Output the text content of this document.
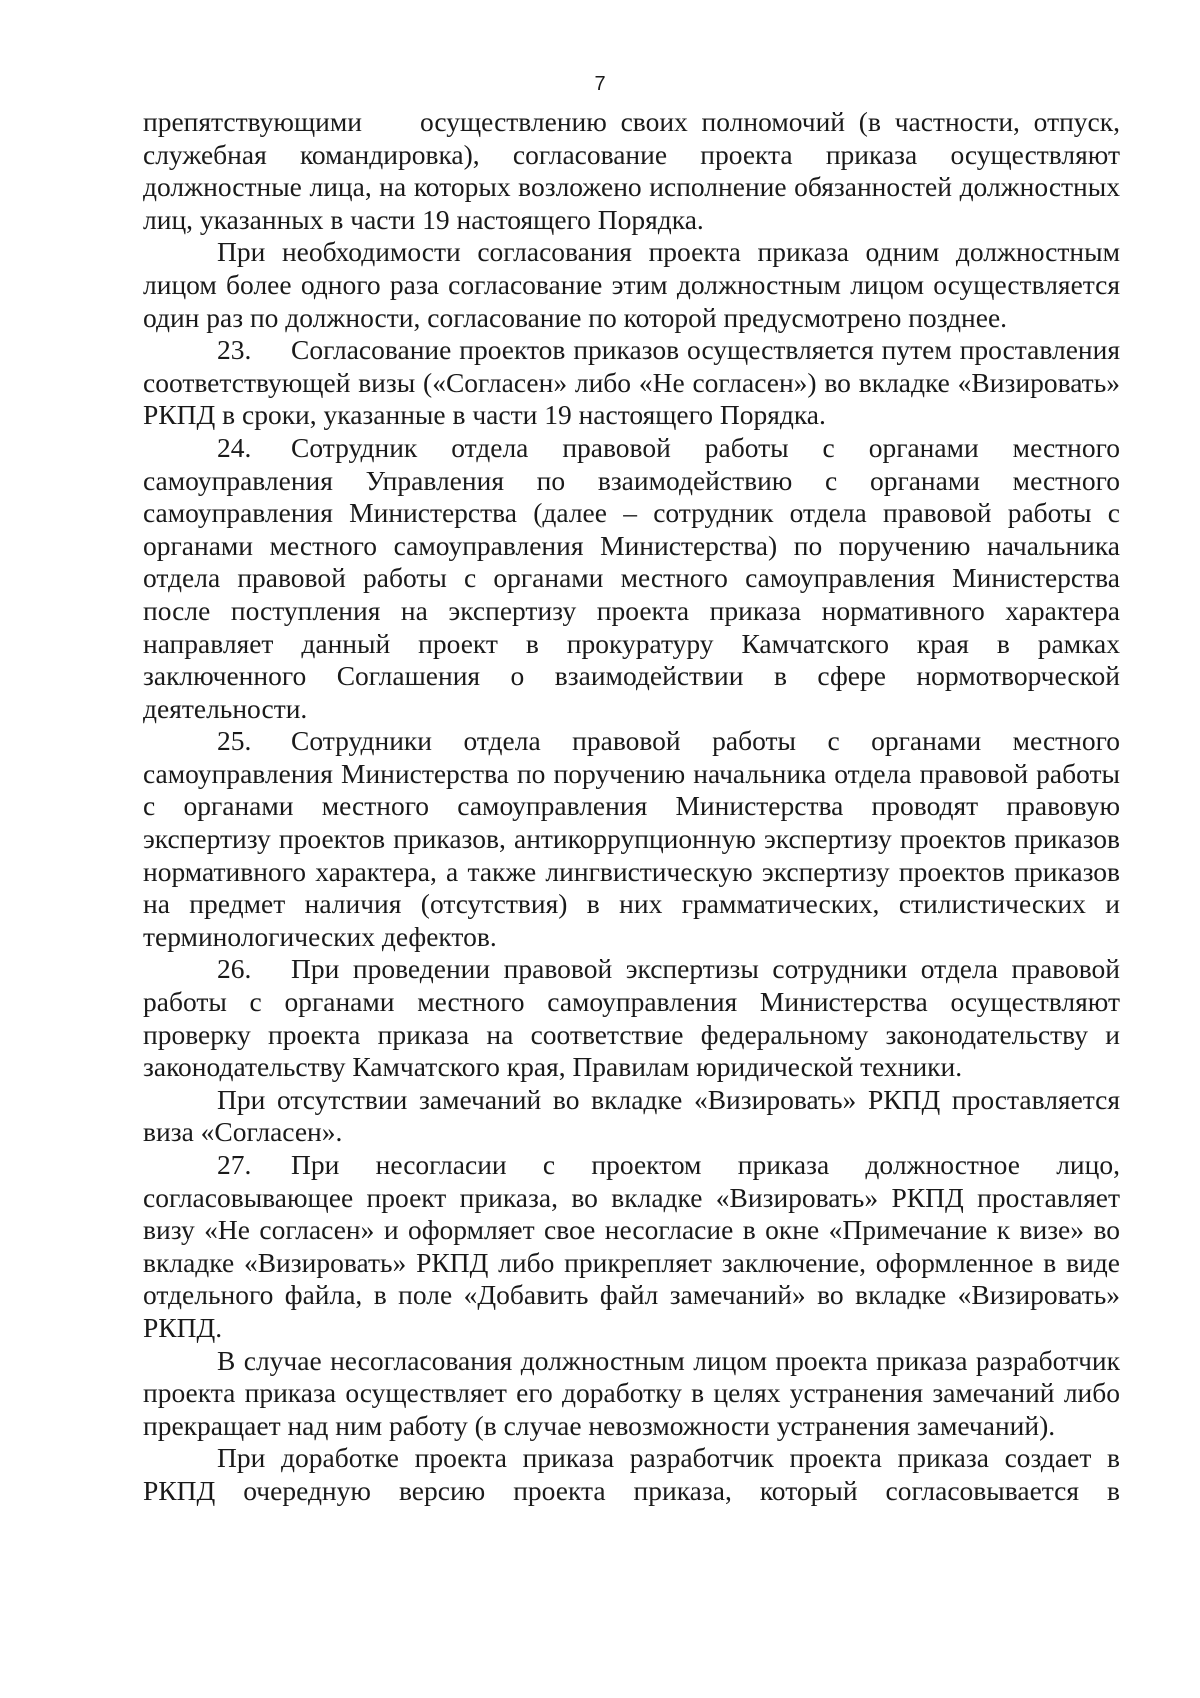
7

препятствующими осуществлению своих полномочий (в частности, отпуск, служебная командировка), согласование проекта приказа осуществляют должностные лица, на которых возложено исполнение обязанностей должностных лиц, указанных в части 19 настоящего Порядка.

При необходимости согласования проекта приказа одним должностным лицом более одного раза согласование этим должностным лицом осуществляется один раз по должности, согласование по которой предусмотрено позднее.

23. Согласование проектов приказов осуществляется путем проставления соответствующей визы («Согласен» либо «Не согласен») во вкладке «Визировать» РКПД в сроки, указанные в части 19 настоящего Порядка.

24. Сотрудник отдела правовой работы с органами местного самоуправления Управления по взаимодействию с органами местного самоуправления Министерства (далее – сотрудник отдела правовой работы с органами местного самоуправления Министерства) по поручению начальника отдела правовой работы с органами местного самоуправления Министерства после поступления на экспертизу проекта приказа нормативного характера направляет данный проект в прокуратуру Камчатского края в рамках заключенного Соглашения о взаимодействии в сфере нормотворческой деятельности.

25. Сотрудники отдела правовой работы с органами местного самоуправления Министерства по поручению начальника отдела правовой работы с органами местного самоуправления Министерства проводят правовую экспертизу проектов приказов, антикоррупционную экспертизу проектов приказов нормативного характера, а также лингвистическую экспертизу проектов приказов на предмет наличия (отсутствия) в них грамматических, стилистических и терминологических дефектов.

26. При проведении правовой экспертизы сотрудники отдела правовой работы с органами местного самоуправления Министерства осуществляют проверку проекта приказа на соответствие федеральному законодательству и законодательству Камчатского края, Правилам юридической техники.

При отсутствии замечаний во вкладке «Визировать» РКПД проставляется виза «Согласен».

27. При несогласии с проектом приказа должностное лицо, согласовывающее проект приказа, во вкладке «Визировать» РКПД проставляет визу «Не согласен» и оформляет свое несогласие в окне «Примечание к визе» во вкладке «Визировать» РКПД либо прикрепляет заключение, оформленное в виде отдельного файла, в поле «Добавить файл замечаний» во вкладке «Визировать» РКПД.

В случае несогласования должностным лицом проекта приказа разработчик проекта приказа осуществляет его доработку в целях устранения замечаний либо прекращает над ним работу (в случае невозможности устранения замечаний).

При доработке проекта приказа разработчик проекта приказа создает в РКПД очередную версию проекта приказа, который согласовывается в
